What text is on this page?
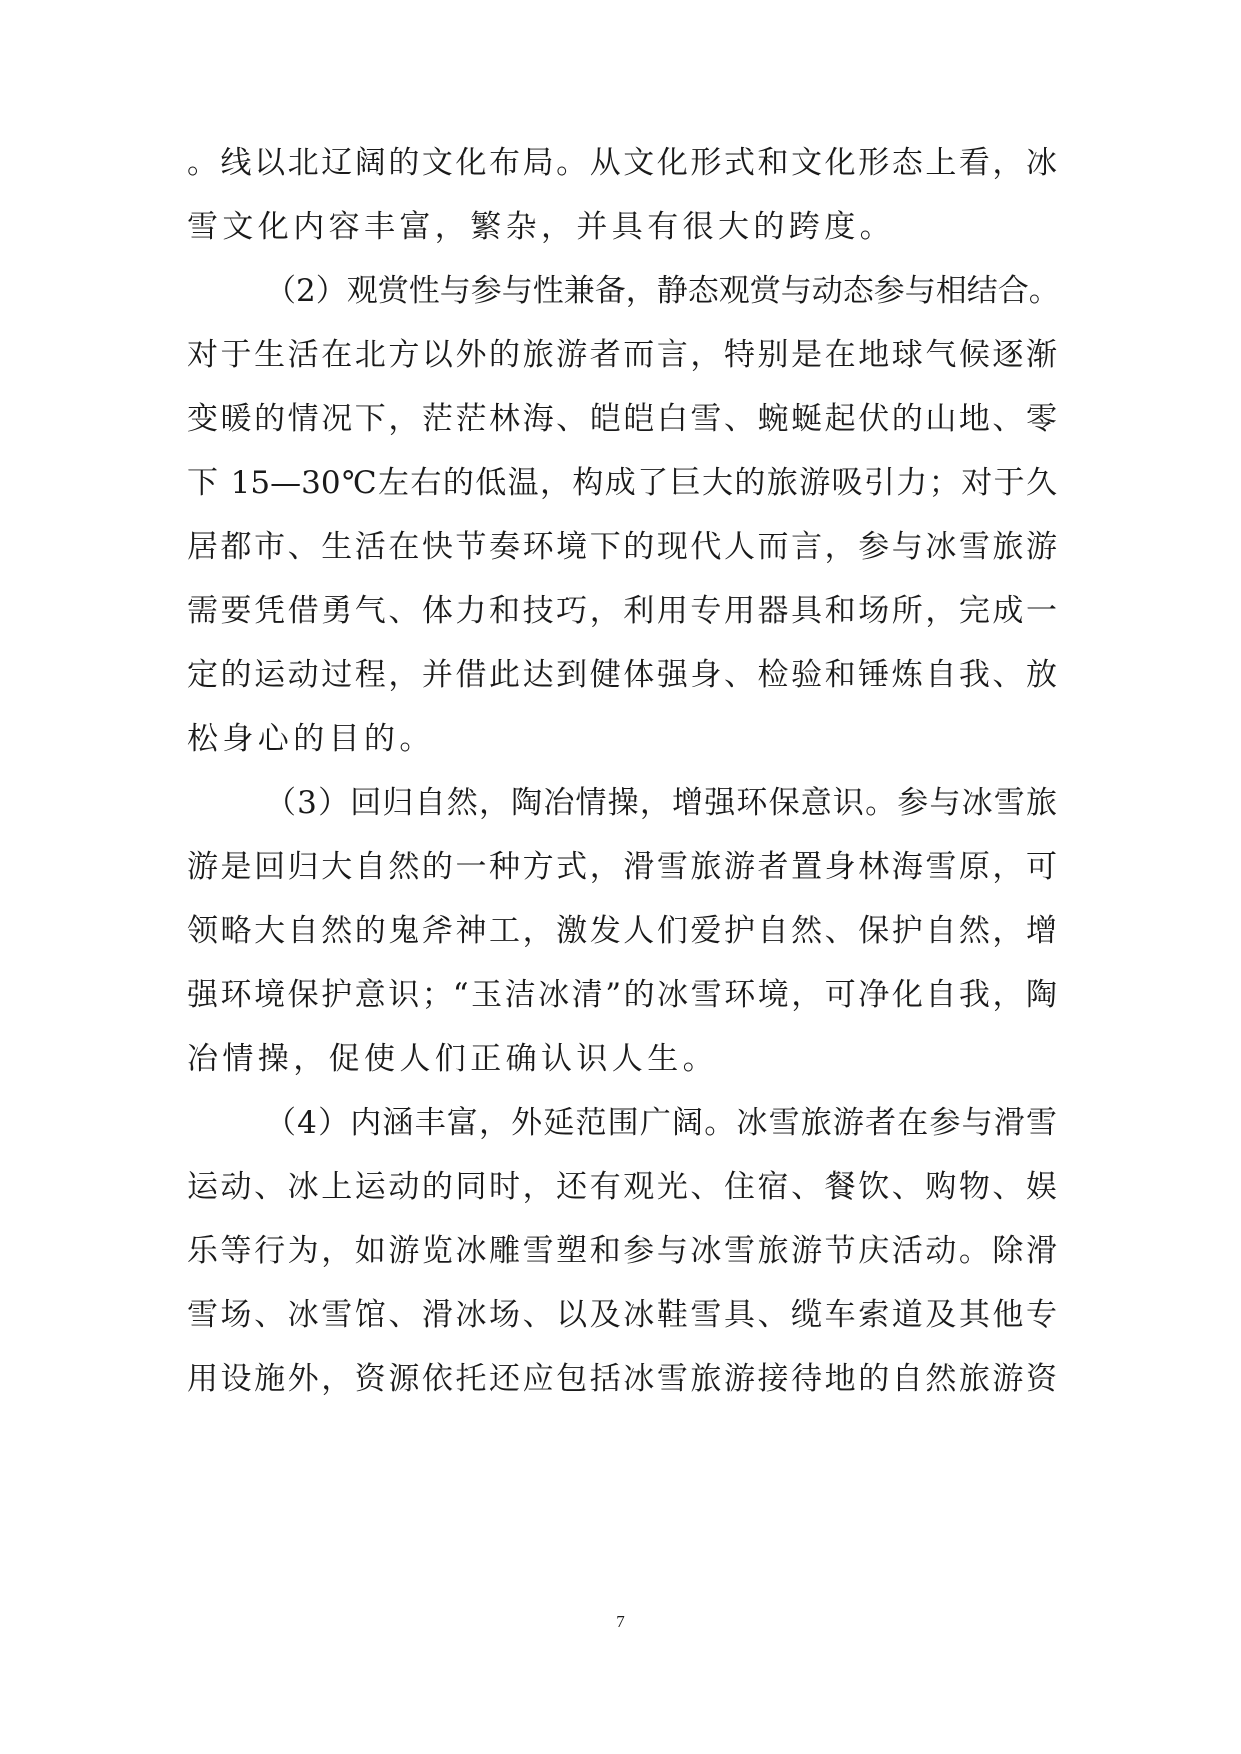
。线以北辽阔的文化布局。从文化形式和文化形态上看，冰
雪文化内容丰富，繁杂，并具有很大的跨度。
（2）观赏性与参与性兼备，静态观赏与动态参与相结合。
对于生活在北方以外的旅游者而言，特别是在地球气候逐渐
变暖的情况下，茫茫林海、皑皑白雪、蜿蜒起伏的山地、零
下 15—30℃左右的低温，构成了巨大的旅游吸引力；对于久
居都市、生活在快节奏环境下的现代人而言，参与冰雪旅游
需要凭借勇气、体力和技巧，利用专用器具和场所，完成一
定的运动过程，并借此达到健体强身、检验和锤炼自我、放
松身心的目的。
（3）回归自然，陶冶情操，增强环保意识。参与冰雪旅
游是回归大自然的一种方式，滑雪旅游者置身林海雪原，可
领略大自然的鬼斧神工，激发人们爱护自然、保护自然，增
强环境保护意识；“玉洁冰清”的冰雪环境，可净化自我，陶
冶情操，促使人们正确认识人生。
（4）内涵丰富，外延范围广阔。冰雪旅游者在参与滑雪
运动、冰上运动的同时，还有观光、住宿、餐饮、购物、娱
乐等行为，如游览冰雕雪塑和参与冰雪旅游节庆活动。除滑
雪场、冰雪馆、滑冰场、以及冰鞋雪具、缆车索道及其他专
用设施外，资源依托还应包括冰雪旅游接待地的自然旅游资
7
